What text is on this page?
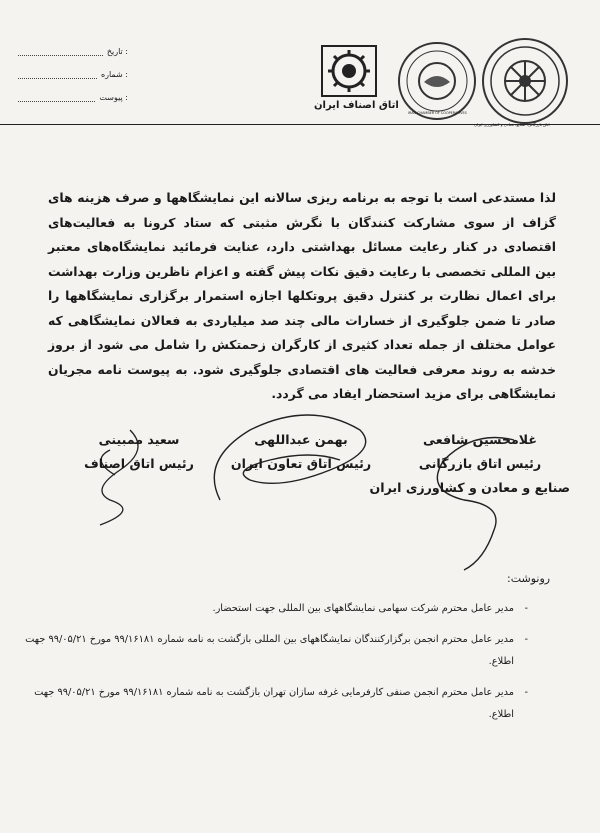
: تاریخ
: شماره
: پیوست
اتاق اصناف ایران
IRAN CHAMBER OF COOPERATIVES
لذا مستدعی است با توجه به برنامه ریزی سالانه این نمایشگاهها و صرف هزینه های گزاف از سوی مشارکت کنندگان با نگرش مثبتی که ستاد کرونا به فعالیت‌های اقتصادی در کنار رعایت مسائل بهداشتی دارد، عنایت فرمائید نمایشگاه‌های معتبر بین المللی تخصصی با رعایت دقیق نکات پیش گفته و اعزام ناظرین وزارت بهداشت برای اعمال نظارت بر کنترل دقیق پروتکلها اجازه استمرار برگزاری نمایشگاهها را صادر تا ضمن جلوگیری از خسارات مالی چند صد میلیاردی به فعالان نمایشگاهی که عوامل مختلف از جمله تعداد کثیری از کارگران زحمتکش را شامل می شود از بروز خدشه به روند معرفی فعالیت های اقتصادی جلوگیری شود. به پیوست نامه مجریان نمایشگاهی برای مزید استحضار ایفاد می گردد.
غلامحسین شافعی
رئیس اتاق بازرگانی
صنایع و معادن و کشاورزی ایران
بهمن عبداللهی
رئیس اتاق تعاون ایران
سعید ممبینی
رئیس اتاق اصناف
رونوشت:
- مدیر عامل محترم شرکت سهامی نمایشگاههای بین المللی جهت استحضار.
- مدیر عامل محترم انجمن برگزارکنندگان نمایشگاههای بین المللی بازگشت به نامه شماره ۹۹/۱۶۱۸۱ مورخ ۹۹/۰۵/۲۱ جهت اطلاع.
- مدیر عامل محترم انجمن صنفی کارفرمایی غرفه سازان تهران بازگشت به نامه شماره ۹۹/۱۶۱۸۱ مورخ ۹۹/۰۵/۲۱ جهت اطلاع.
